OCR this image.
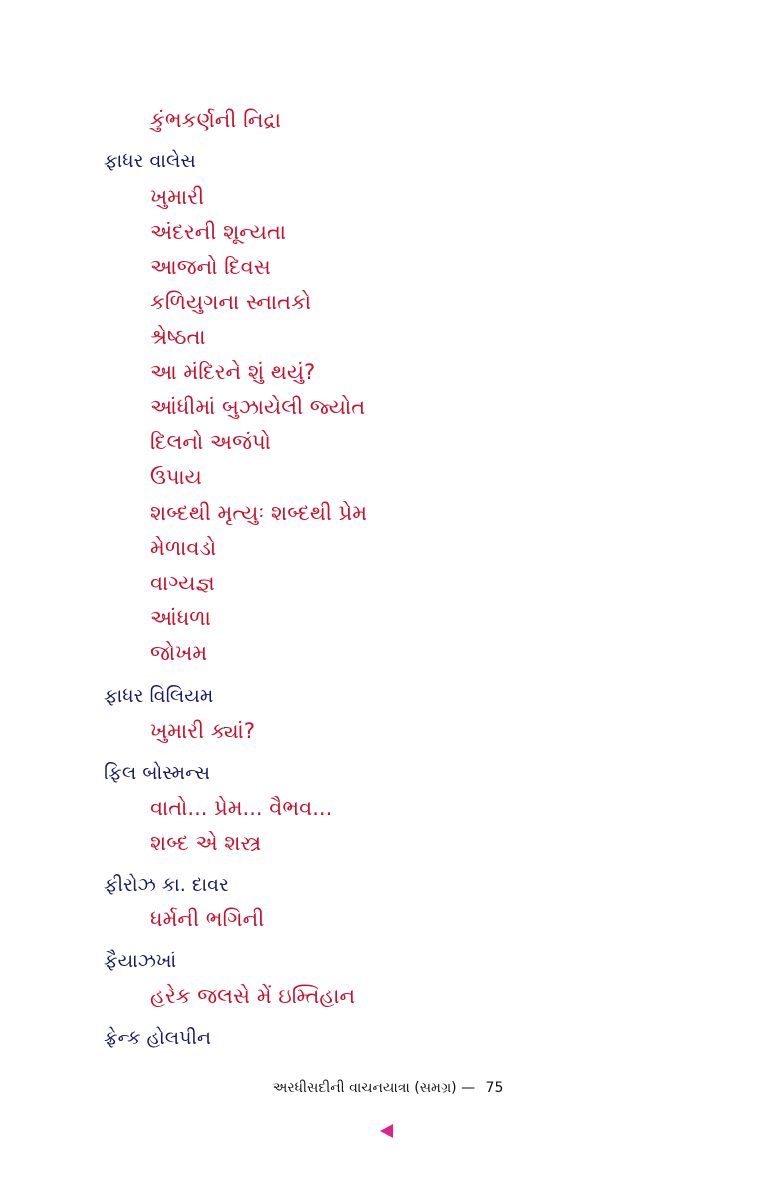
કુંભકર્ણની નિદ્રા
ફાધર વાલેસ
ખુમારી
અંદરની શૂન્યતા
આજનો દિવસ
કળિયુગના સ્નાતકો
શ્રેષ્ઠતા
આ મંદિરને શું થયું?
આંધીમાં બુઝાયેલી જ્યોત
દિલનો અજંપો
ઉપાય
શબ્દથી મૃત્યુઃ શબ્દથી પ્રેમ
મેળાવડો
વાગ્યજ્ઞ
આંધળા
જોખમ
ફાધર વિલિયમ
ખુમારી ક્યાં?
ફિલ બોસ્મન્સ
વાતો... પ્રેમ... વૈભવ...
શબ્દ એ શસ્ત્ર
ફીરોઝ કા. દાવર
ધર્મની ભગિની
ફૈયાઝખાં
હરેક જલસે મેં ઇમ્તિહાન
ફ્રેન્ક હોલપીન
અરધીસદીની વાચનયાત્રા (સમગ્ર) — 75
